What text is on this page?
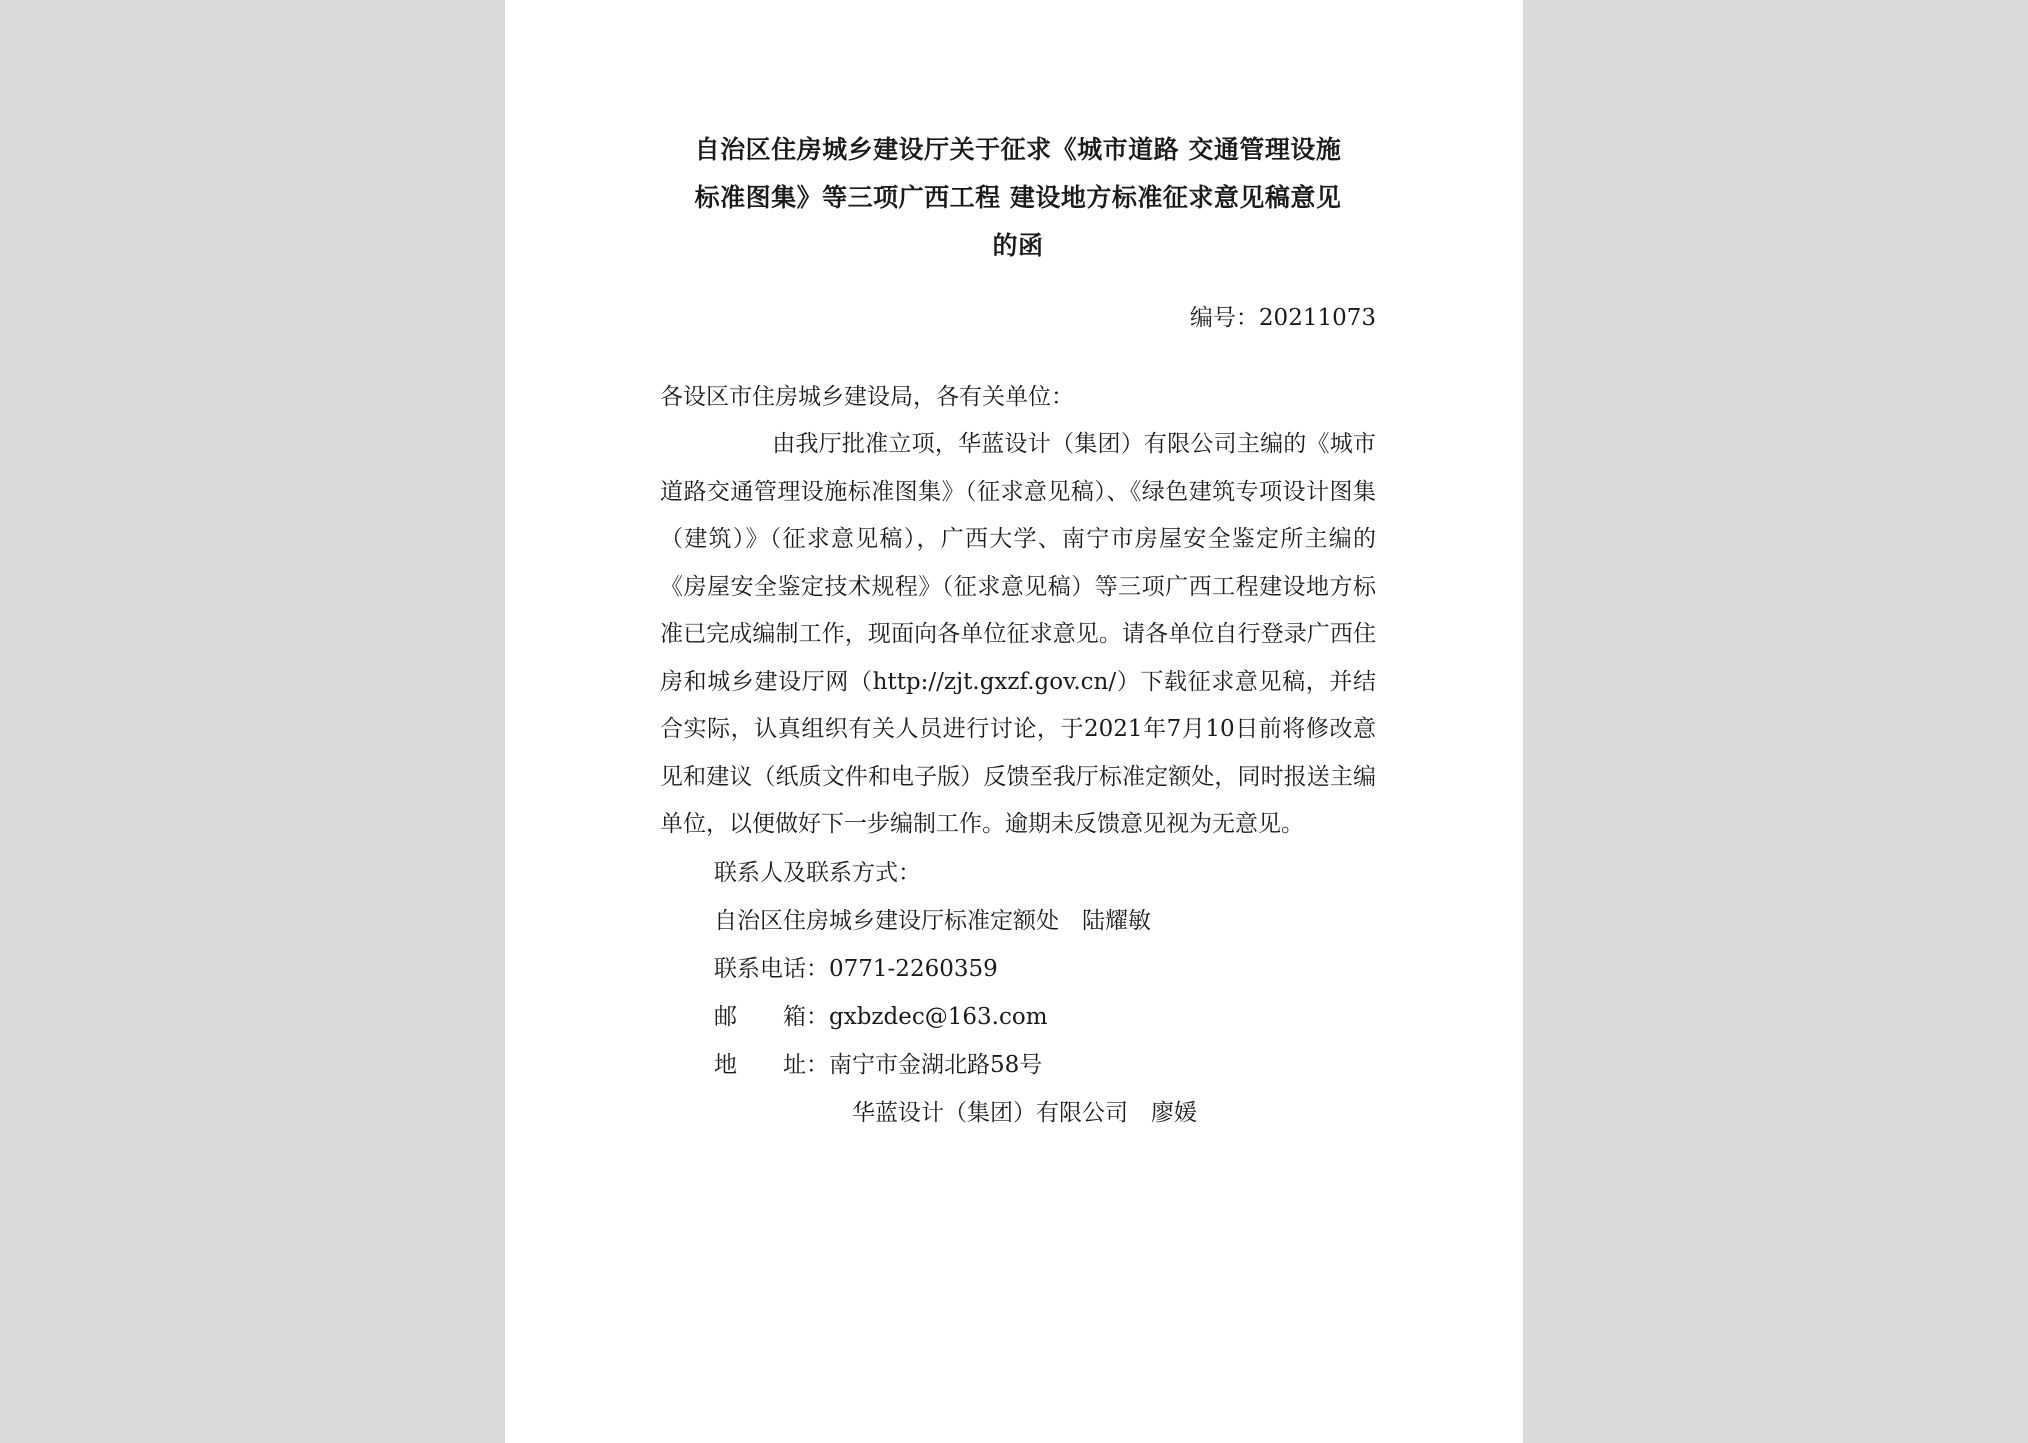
自治区住房城乡建设厅关于征求《城市道路 交通管理设施
标准图集》等三项广西工程 建设地方标准征求意见稿意见
的函
编号：20211073
各设区市住房城乡建设局，各有关单位：

由我厅批准立项，华蓝设计（集团）有限公司主编的《城市道路交通管理设施标准图集》（征求意见稿）、《绿色建筑专项设计图集（建筑）》（征求意见稿），广西大学、南宁市房屋安全鉴定所主编的《房屋安全鉴定技术规程》（征求意见稿）等三项广西工程建设地方标准已完成编制工作，现面向各单位征求意见。请各单位自行登录广西住房和城乡建设厅网（http://zjt.gxzf.gov.cn/）下载征求意见稿，并结合实际，认真组织有关人员进行讨论，于2021年7月10日前将修改意见和建议（纸质文件和电子版）反馈至我厅标准定额处，同时报送主编单位，以便做好下一步编制工作。逾期未反馈意见视为无意见。

联系人及联系方式：
自治区住房城乡建设厅标准定额处　陆耀敏
联系电话：0771-2260359
邮　　箱：gxbzdec@163.com
地　　址：南宁市金湖北路58号
华蓝设计（集团）有限公司　廖媛
